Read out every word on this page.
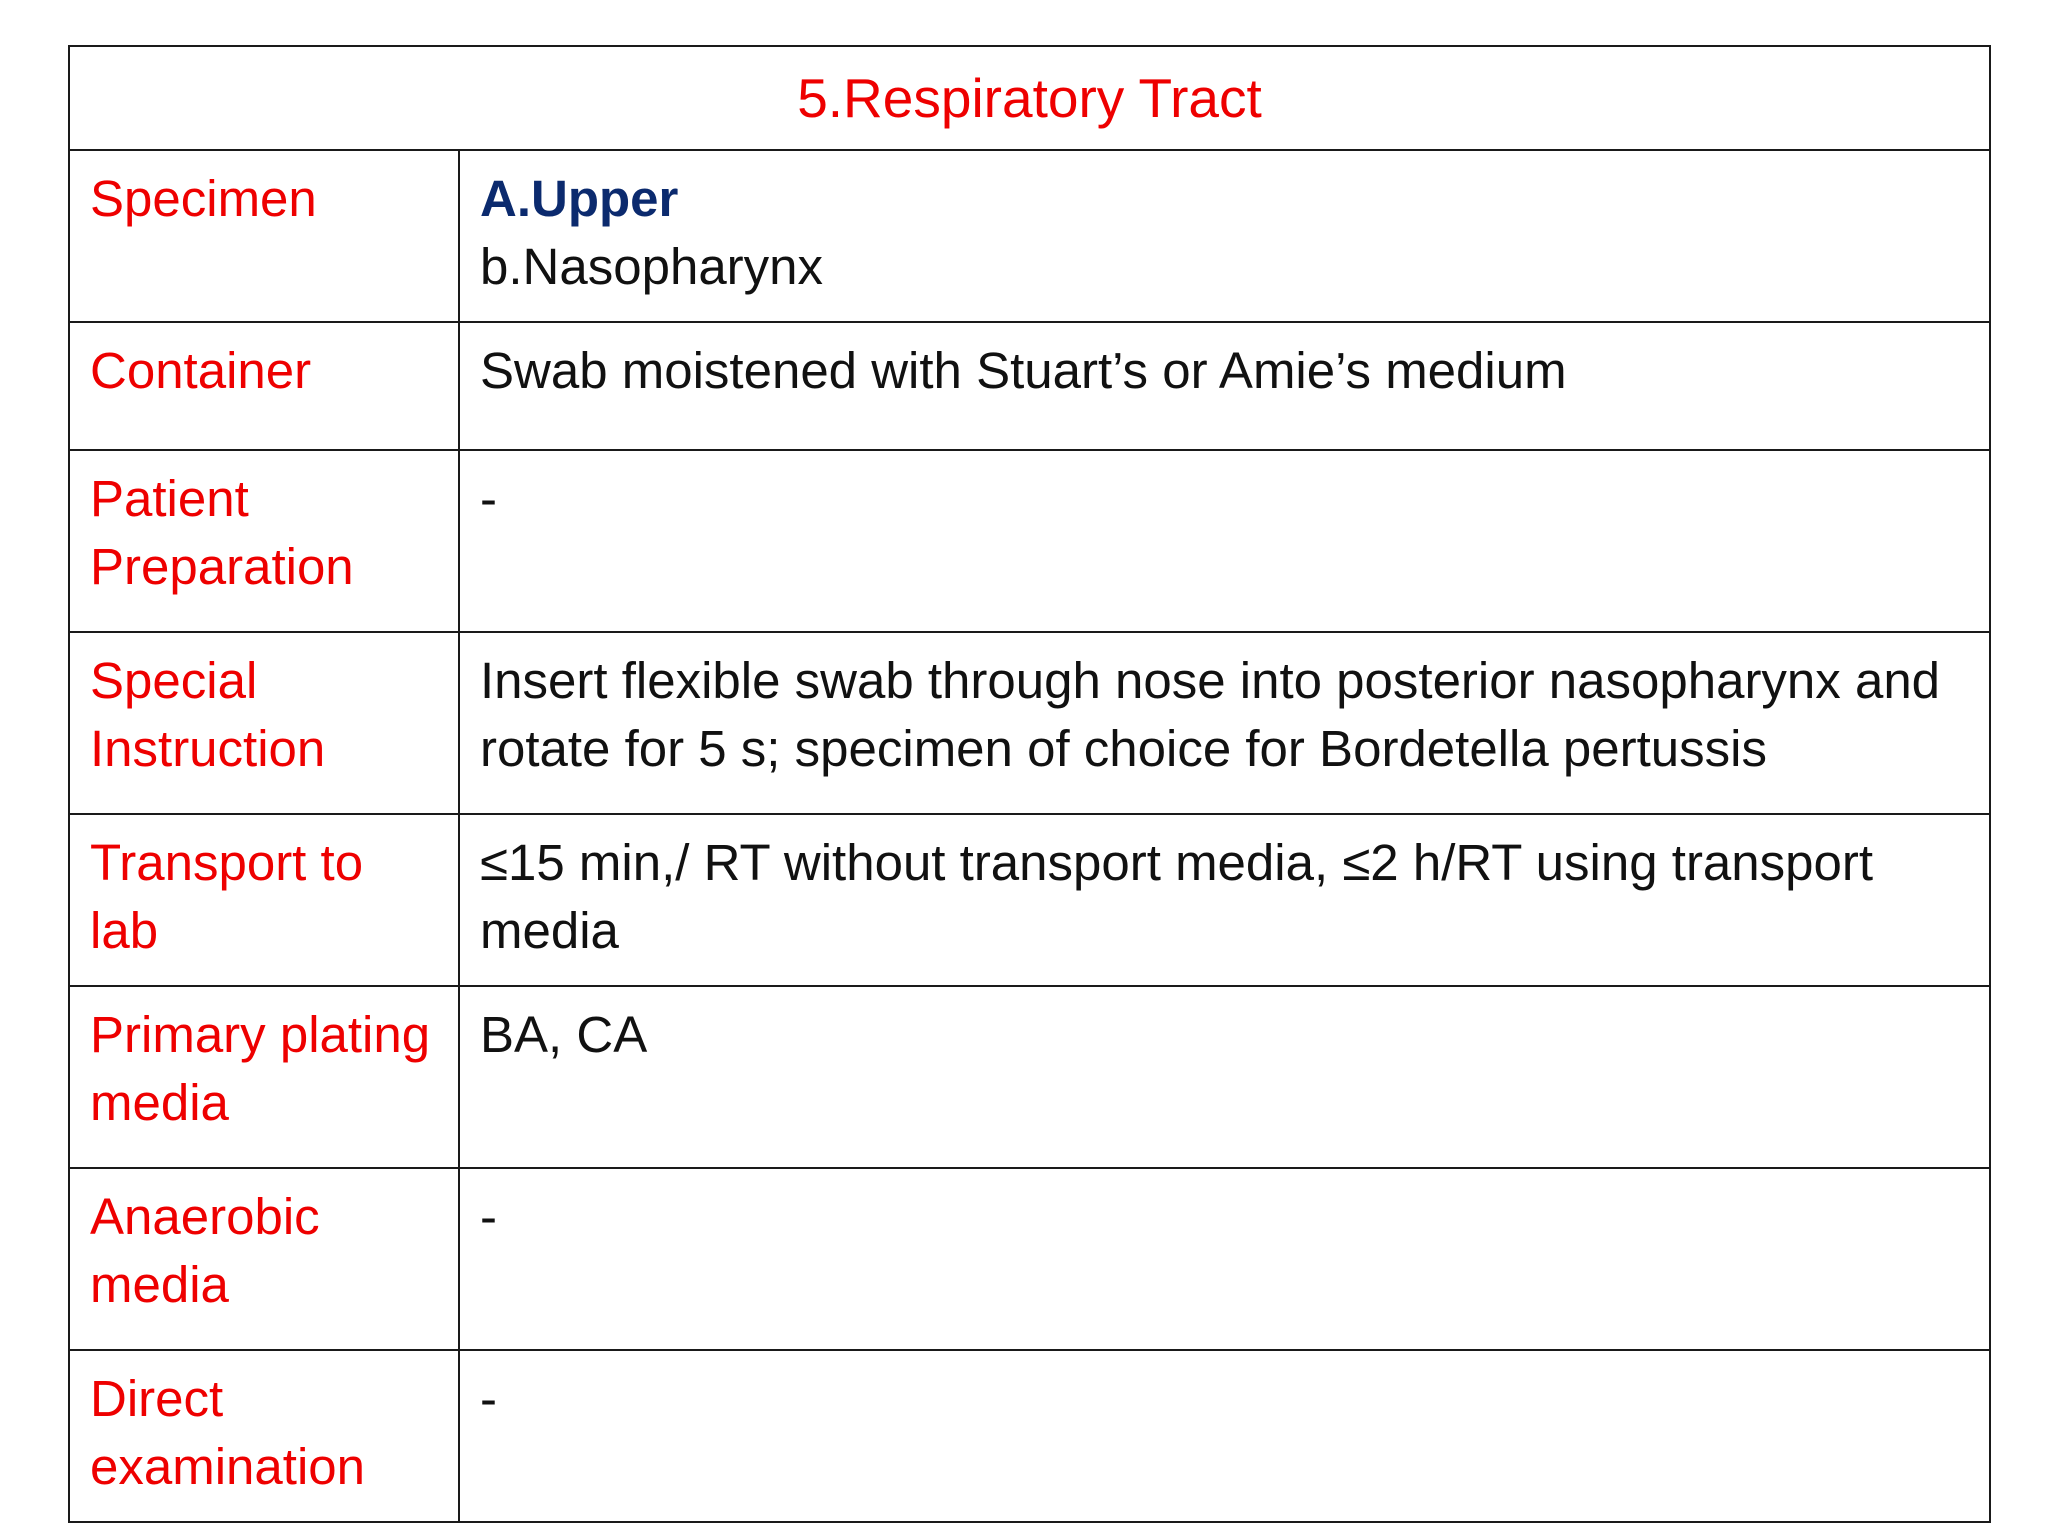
5.Respiratory Tract	
Specimen	A.Upper
b.Nasopharynx

Container	Swab moistened with Stuart’s or Amie’s medium
Patient Preparation	-
Special Instruction	Insert flexible swab through nose into posterior nasopharynx and rotate for 5 s; specimen of choice for Bordetella pertussis
Transport to lab	≤15 min,/ RT without transport media, ≤2 h/RT using transport media
Primary plating media	BA, CA
Anaerobic media	-
Direct examination	-
